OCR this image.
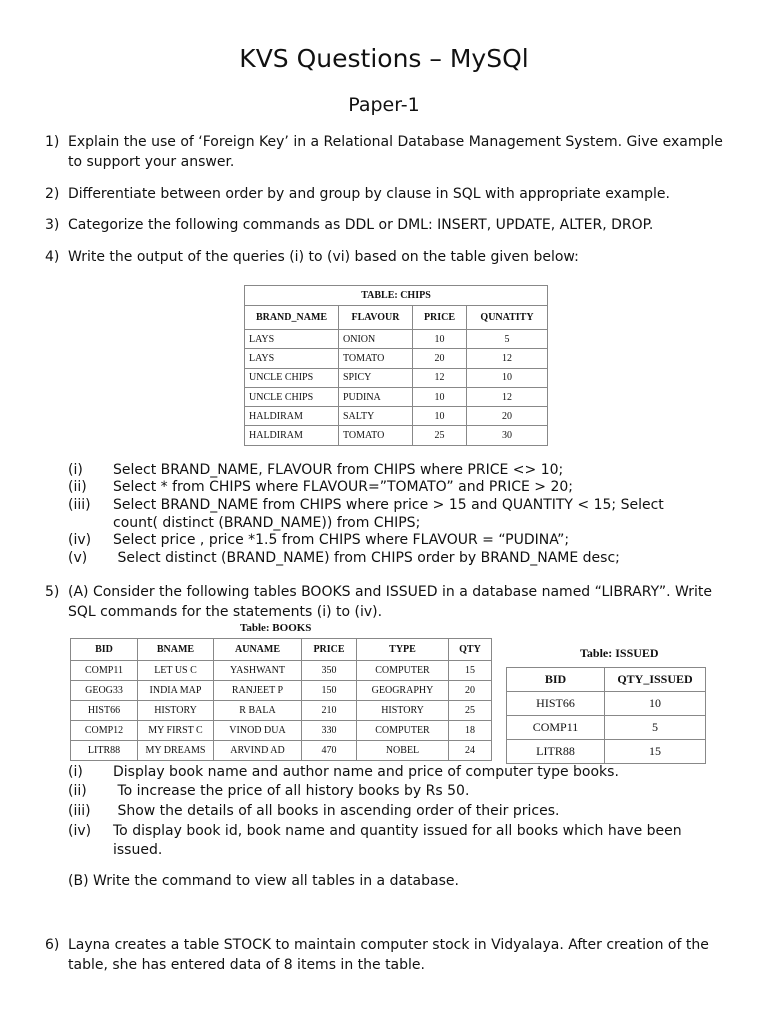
KVS Questions – MySQl
Paper-1
1) Explain the use of ‘Foreign Key’ in a Relational Database Management System. Give example to support your answer.
2) Differentiate between order by and group by clause in SQL with appropriate example.
3) Categorize the following commands as DDL or DML: INSERT, UPDATE, ALTER, DROP.
4) Write the output of the queries (i) to (vi) based on the table given below:
TABLE: CHIPS
BRAND_NAME	FLAVOUR	PRICE	QUNATITY
LAYS	ONION	10	5
LAYS	TOMATO	20	12
UNCLE CHIPS	SPICY	12	10
UNCLE CHIPS	PUDINA	10	12
HALDIRAM	SALTY	10	20
HALDIRAM	TOMATO	25	30
(i)	Select BRAND_NAME, FLAVOUR from CHIPS where PRICE <> 10;
(ii)	Select * from CHIPS where FLAVOUR=”TOMATO” and PRICE > 20;
(iii)	Select BRAND_NAME from CHIPS where price > 15 and QUANTITY < 15; Select count( distinct (BRAND_NAME)) from CHIPS;
(iv)	Select price , price *1.5 from CHIPS where FLAVOUR = “PUDINA”;
(v)	Select distinct (BRAND_NAME) from CHIPS order by BRAND_NAME desc;
5) (A) Consider the following tables BOOKS and ISSUED in a database named “LIBRARY”. Write SQL commands for the statements (i) to (iv).
Table: BOOKS
BID	BNAME	AUNAME	PRICE	TYPE	QTY
COMP11	LET US C	YASHWANT	350	COMPUTER	15
GEOG33	INDIA MAP	RANJEET P	150	GEOGRAPHY	20
HIST66	HISTORY	R BALA	210	HISTORY	25
COMP12	MY FIRST C	VINOD DUA	330	COMPUTER	18
LITR88	MY DREAMS	ARVIND AD	470	NOBEL	24
Table: ISSUED
BID	QTY_ISSUED
HIST66	10
COMP11	5
LITR88	15
(i)	Display book name and author name and price of computer type books.
(ii)	To increase the price of all history books by Rs 50.
(iii)	Show the details of all books in ascending order of their prices.
(iv)	To display book id, book name and quantity issued for all books which have been issued.
(B) Write the command to view all tables in a database.
6) Layna creates a table STOCK to maintain computer stock in Vidyalaya. After creation of the table, she has entered data of 8 items in the table.
